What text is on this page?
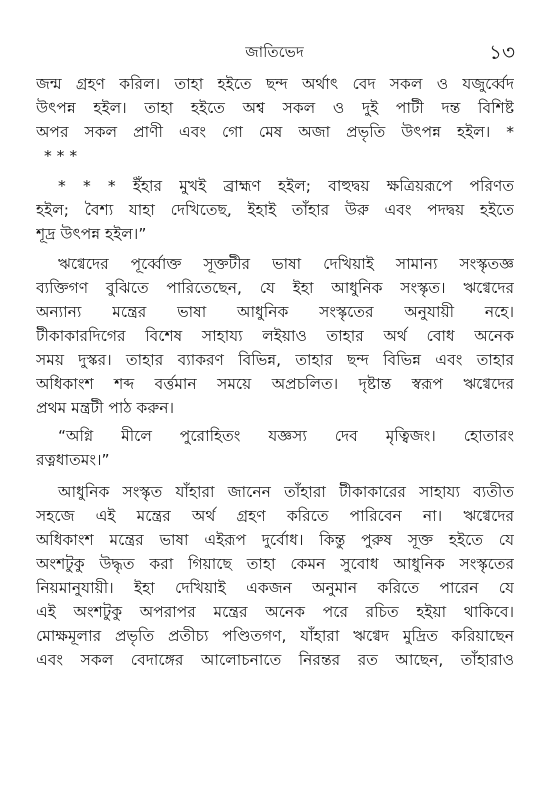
জাতিভেদ	১৩
জন্ম গ্রহণ করিল। তাহা হইতে ছন্দ অর্থাৎ বেদ সকল ও যজুর্ব্বেদ
উৎপন্ন হইল। তাহা হইতে অশ্ব সকল ও দুই পাটী দন্ত বিশিষ্ট
অপর সকল প্রাণী এবং গো মেষ অজা প্রভৃতি উৎপন্ন হইল। *
* * *
* * * ইঁহার মুখই ব্রাহ্মণ হইল; বাহুদ্বয় ক্ষত্রিয়রূপে পরিণত
হইল; বৈশ্য যাহা দেখিতেছ, ইহাই তাঁহার উরু এবং পদদ্বয় হইতে
শূদ্র উৎপন্ন হইল।”
ঋগ্বেদের পূর্ব্বোক্ত সূক্তটীর ভাষা দেখিয়াই সামান্য সংস্কৃতজ্ঞ
ব্যক্তিগণ বুঝিতে পারিতেছেন, যে ইহা আধুনিক সংস্কৃত। ঋগ্বেদের
অন্যান্য মন্ত্রের ভাষা আধুনিক সংস্কৃতের অনুযায়ী নহে।
টীকাকারদিগের বিশেষ সাহায্য লইয়াও তাহার অর্থ বোধ অনেক
সময় দুস্কর। তাহার ব্যাকরণ বিভিন্ন, তাহার ছন্দ বিভিন্ন এবং তাহার
অধিকাংশ শব্দ বর্ত্তমান সময়ে অপ্রচলিত। দৃষ্টান্ত স্বরূপ ঋগ্বেদের
প্রথম মন্ত্রটী পাঠ করুন।
“অগ্নি মীলে পুরোহিতং যজ্ঞস্য দেব মৃত্বিজং। হোতারং
রত্নধাতমং।”
আধুনিক সংস্কৃত যাঁহারা জানেন তাঁহারা টীকাকারের সাহায্য ব্যতীত
সহজে এই মন্ত্রের অর্থ গ্রহণ করিতে পারিবেন না। ঋগ্বেদের
অধিকাংশ মন্ত্রের ভাষা এইরূপ দুর্বোধ। কিন্তু পুরুষ সূক্ত হইতে যে
অংশটুকু উদ্ধৃত করা গিয়াছে তাহা কেমন সুবোধ আধুনিক সংস্কৃতের
নিয়মানুযায়ী। ইহা দেখিয়াই একজন অনুমান করিতে পারেন যে
এই অংশটুকু অপরাপর মন্ত্রের অনেক পরে রচিত হইয়া থাকিবে।
মোক্ষমূলার প্রভৃতি প্রতীচ্য পণ্ডিতগণ, যাঁহারা ঋগ্বেদ মুদ্রিত করিয়াছেন
এবং সকল বেদাঙ্গের আলোচনাতে নিরন্তর রত আছেন, তাঁহারাও
